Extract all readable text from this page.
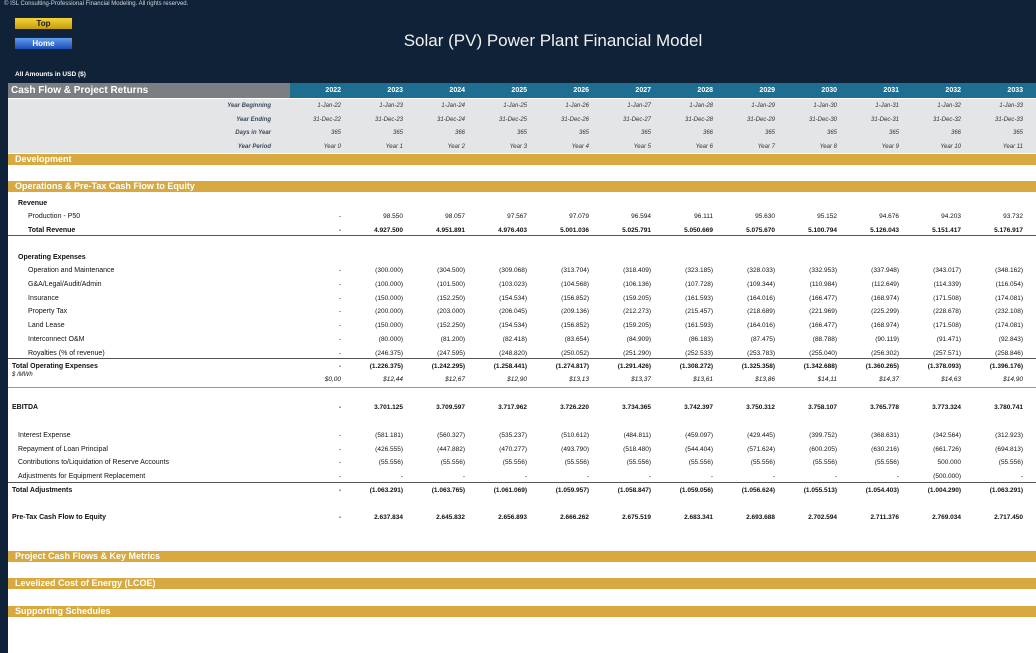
© ISL Consulting-Professional Financial Modeling. All rights reserved.
Top
Home	Solar (PV) Power Plant Financial Model
All Amounts in USD ($)
Cash Flow & Project Returns	2022	2023	2024	2025	2026	2027	2028	2029	2030	2031	2032	2033
Year Beginning	1-Jan-22	1-Jan-23	1-Jan-24	1-Jan-25	1-Jan-26	1-Jan-27	1-Jan-28	1-Jan-29	1-Jan-30	1-Jan-31	1-Jan-32	1-Jan-33
Year Ending	31-Dec-22	31-Dec-23	31-Dec-24	31-Dec-25	31-Dec-26	31-Dec-27	31-Dec-28	31-Dec-29	31-Dec-30	31-Dec-31	31-Dec-32	31-Dec-33
Days in Year	365	365	366	365	365	365	366	365	365	365	366	365
Year Period	Year 0	Year 1	Year 2	Year 3	Year 4	Year 5	Year 6	Year 7	Year 8	Year 9	Year 10	Year 11
Development
Operations & Pre-Tax Cash Flow to Equity
Revenue
Production - P50	-	98.550	98.057	97.567	97.079	96.594	96.111	95.630	95.152	94.676	94.203	93.732
Total Revenue	-	4.927.500	4.951.891	4.976.403	5.001.036	5.025.791	5.050.669	5.075.670	5.100.794	5.126.043	5.151.417	5.176.917
Operating Expenses
Operation and Maintenance	-	(300.000)	(304.500)	(309.068)	(313.704)	(318.409)	(323.185)	(328.033)	(332.953)	(337.948)	(343.017)	(348.162)
G&A/Legal/Audit/Admin	-	(100.000)	(101.500)	(103.023)	(104.568)	(106.136)	(107.728)	(109.344)	(110.984)	(112.649)	(114.339)	(116.054)
Insurance	-	(150.000)	(152.250)	(154.534)	(156.852)	(159.205)	(161.593)	(164.016)	(166.477)	(168.974)	(171.508)	(174.081)
Property Tax	-	(200.000)	(203.000)	(206.045)	(209.136)	(212.273)	(215.457)	(218.689)	(221.969)	(225.299)	(228.678)	(232.108)
Land Lease	-	(150.000)	(152.250)	(154.534)	(156.852)	(159.205)	(161.593)	(164.016)	(166.477)	(168.974)	(171.508)	(174.081)
Interconnect O&M	-	(80.000)	(81.200)	(82.418)	(83.654)	(84.909)	(86.183)	(87.475)	(88.788)	(90.119)	(91.471)	(92.843)
Royalties (% of revenue)	-	(246.375)	(247.595)	(248.820)	(250.052)	(251.290)	(252.533)	(253.783)	(255.040)	(256.302)	(257.571)	(258.846)
Total Operating Expenses	-	(1.226.375)	(1.242.295)	(1.258.441)	(1.274.817)	(1.291.426)	(1.308.272)	(1.325.358)	(1.342.688)	(1.360.265)	(1.378.093)	(1.396.176)
$ /MWh
$0,00	$12,44	$12,67	$12,90	$13,13	$13,37	$13,61	$13,86	$14,11	$14,37	$14,63	$14,90
EBITDA	-	3.701.125	3.709.597	3.717.962	3.726.220	3.734.365	3.742.397	3.750.312	3.758.107	3.765.778	3.773.324	3.780.741
Interest Expense	-	(581.181)	(560.327)	(535.237)	(510.612)	(484.811)	(459.097)	(429.445)	(399.752)	(368.631)	(342.564)	(312.923)
Repayment of Loan Principal	-	(426.555)	(447.882)	(470.277)	(493.790)	(518.480)	(544.404)	(571.624)	(600.205)	(630.216)	(661.726)	(694.813)
Contributions to/Liquidation of Reserve Accounts	-	(55.556)	(55.556)	(55.556)	(55.556)	(55.556)	(55.556)	(55.556)	(55.556)	(55.556)	500.000	(55.556)
Adjustments for Equipment Replacement	-	-	-	-	-	-	-	-	-	-	(500.000)	-
Total Adjustments	-	(1.063.291)	(1.063.765)	(1.061.069)	(1.059.957)	(1.058.847)	(1.059.056)	(1.056.624)	(1.055.513)	(1.054.403)	(1.004.290)	(1.063.291)
Pre-Tax Cash Flow to Equity	-	2.637.834	2.645.832	2.656.893	2.666.262	2.675.519	2.683.341	2.693.688	2.702.594	2.711.376	2.769.034	2.717.450
Project Cash Flows & Key Metrics
Levelized Cost of Energy (LCOE)
Supporting Schedules
